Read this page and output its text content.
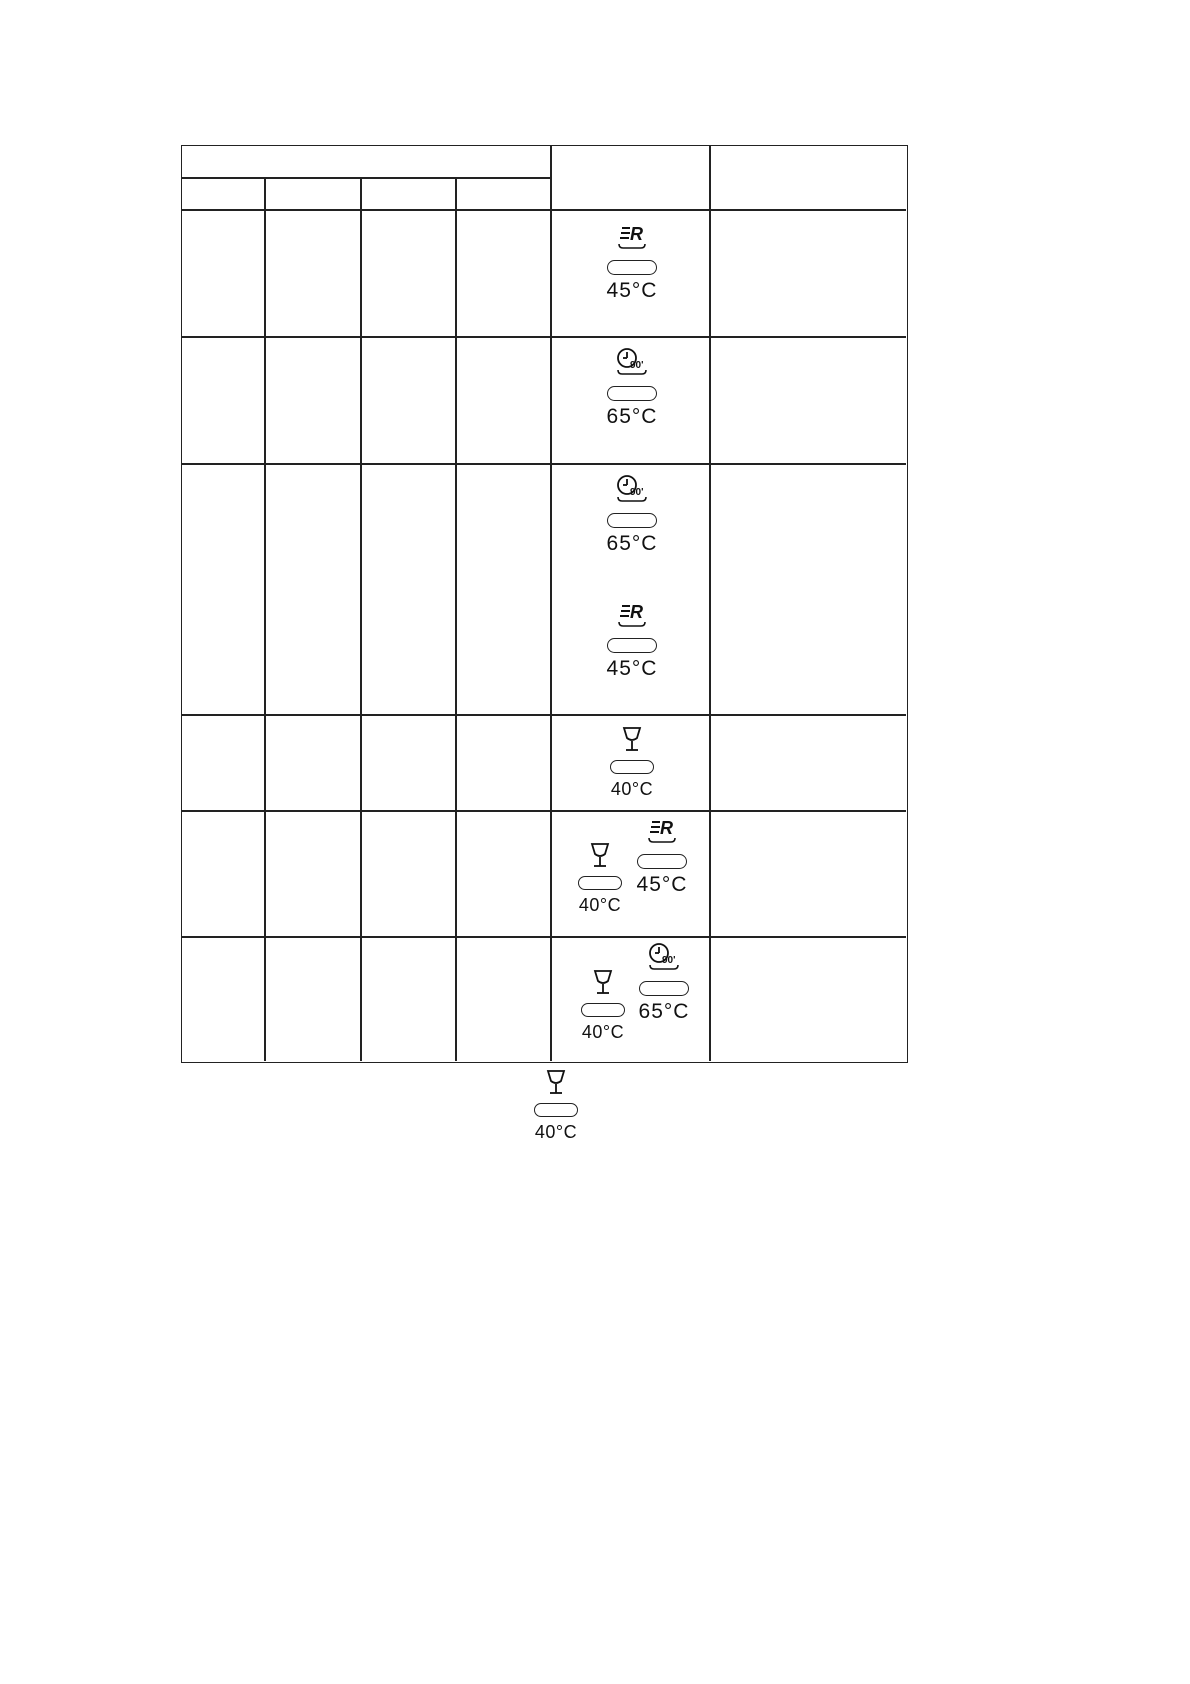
R
45°C
90'
65°C
90'
65°C
R
45°C
40°C
40°C
R
45°C
40°C
90'
65°C
40°C
